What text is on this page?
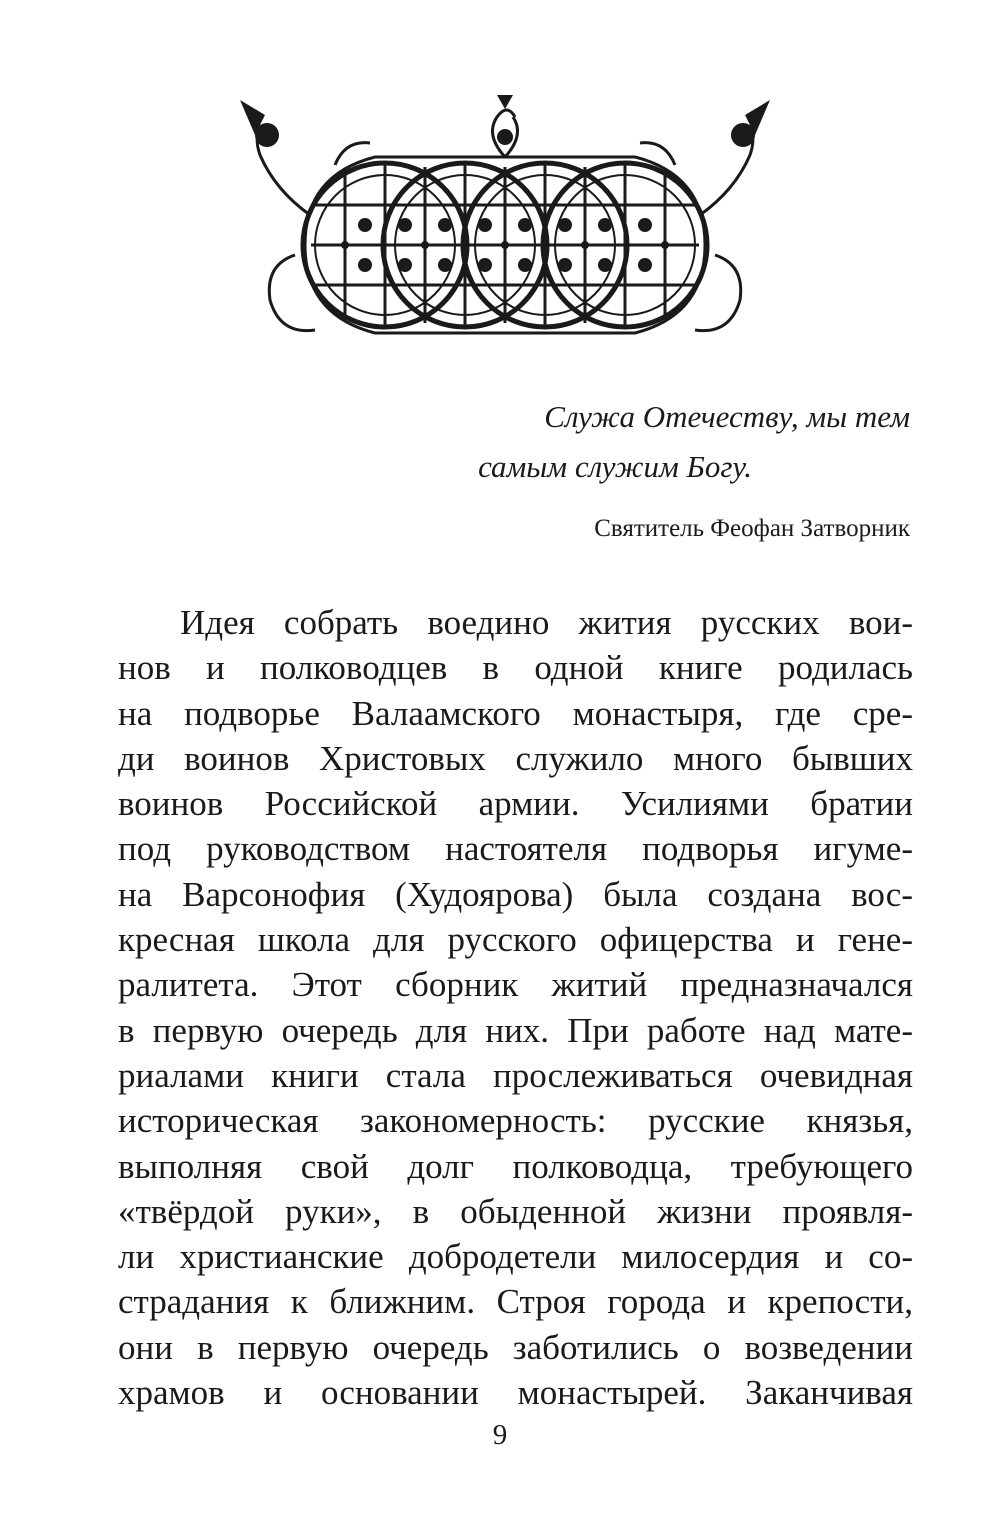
Служа Отечеству, мы тем
самым служим Богу.
Святитель Феофан Затворник
Идея собрать воедино жития русских вои-
нов и полководцев в одной книге родилась
на подворье Валаамского монастыря, где сре-
ди воинов Христовых служило много бывших
воинов Российской армии. Усилиями братии
под руководством настоятеля подворья игуме-
на Варсонофия (Худоярова) была создана вос-
кресная школа для русского офицерства и гене-
ралитета. Этот сборник житий предназначался
в первую очередь для них. При работе над мате-
риалами книги стала прослеживаться очевидная
историческая закономерность: русские князья,
выполняя свой долг полководца, требующего
«твёрдой руки», в обыденной жизни проявля-
ли христианские добродетели милосердия и со-
страдания к ближним. Строя города и крепости,
они в первую очередь заботились о возведении
храмов и основании монастырей. Заканчивая
9
